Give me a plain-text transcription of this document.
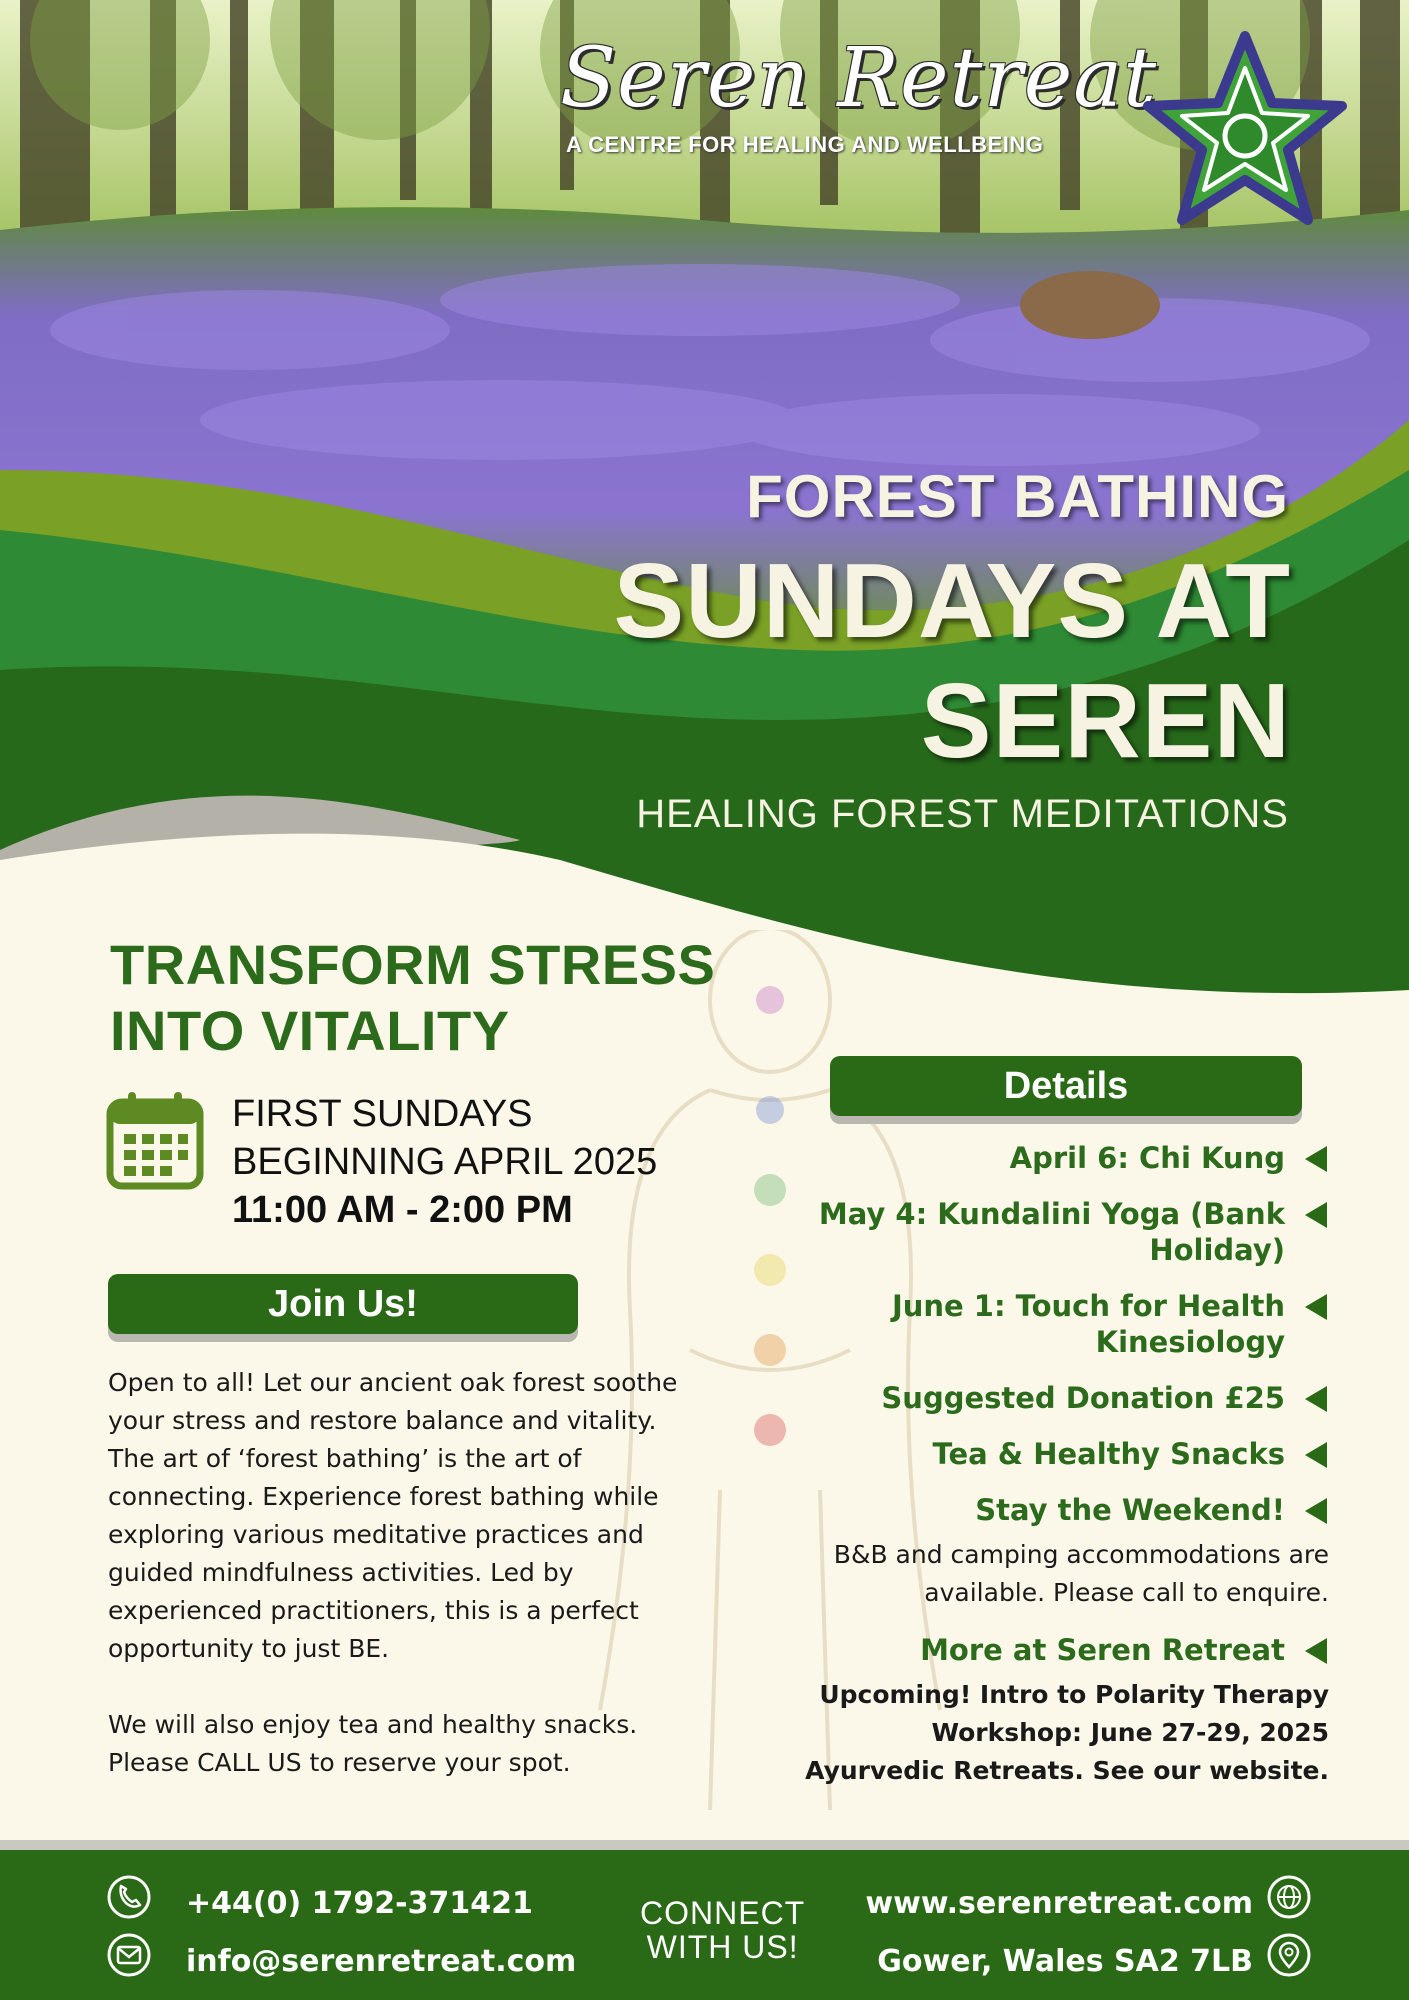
Seren Retreat
A CENTRE FOR HEALING AND WELLBEING
FOREST BATHING
SUNDAYS AT
SEREN
HEALING FOREST MEDITATIONS
TRANSFORM STRESS
INTO VITALITY
FIRST SUNDAYS
BEGINNING APRIL 2025
11:00 AM - 2:00 PM
Join Us!

Open to all! Let our ancient oak forest soothe your stress and restore balance and vitality. The art of ‘forest bathing’ is the art of connecting. Experience forest bathing while exploring various meditative practices and guided mindfulness activities. Led by experienced practitioners, this is a perfect opportunity to just BE.

We will also enjoy tea and healthy snacks. Please CALL US to reserve your spot.

Details
April 6: Chi Kung
May 4: Kundalini Yoga (Bank Holiday)
June 1: Touch for Health Kinesiology
Suggested Donation £25
Tea & Healthy Snacks
Stay the Weekend!
B&B and camping accommodations are available. Please call to enquire.
More at Seren Retreat
Upcoming! Intro to Polarity Therapy
Workshop: June 27-29, 2025
Ayurvedic Retreats. See our website.
+44(0) 1792-371421
info@serenretreat.com
CONNECT
WITH US!
www.serenretreat.com
Gower, Wales SA2 7LB
